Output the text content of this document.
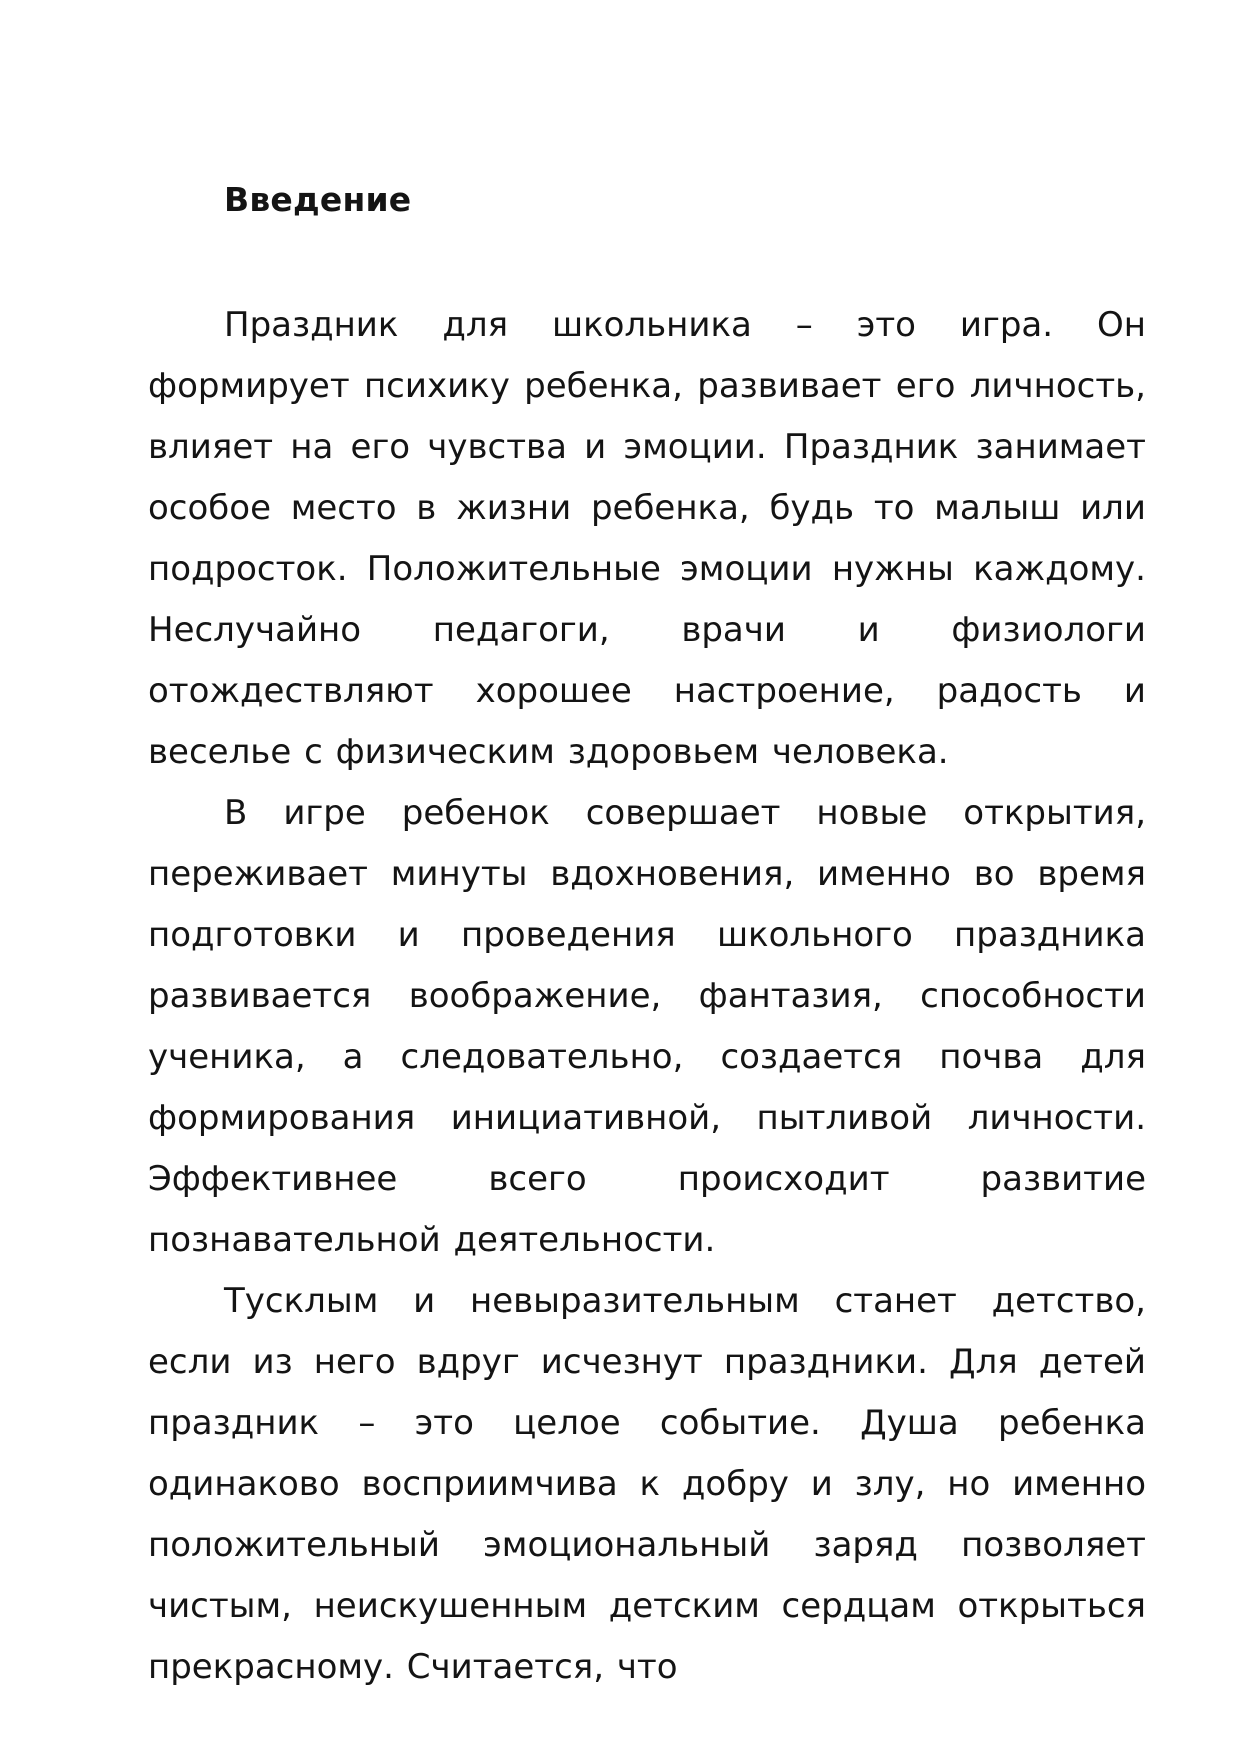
Введение

Праздник для школьника – это игра. Он формирует психику ребенка, развивает его личность, влияет на его чувства и эмоции. Праздник занимает особое место в жизни ребенка, будь то малыш или подросток. Положительные эмоции нужны каждому. Неслучайно педагоги, врачи и физиологи отождествляют хорошее настроение, радость и веселье с физическим здоровьем человека.

В игре ребенок совершает новые открытия, переживает минуты вдохновения, именно во время подготовки и проведения школьного праздника развивается воображение, фантазия, способности ученика, а следовательно, создается почва для формирования инициативной, пытливой личности. Эффективнее всего происходит развитие познавательной деятельности.

Тусклым и невыразительным станет детство, если из него вдруг исчезнут праздники. Для детей праздник – это целое событие. Душа ребенка одинаково восприимчива к добру и злу, но именно положительный эмоциональный заряд позволяет чистым, неискушенным детским сердцам открыться прекрасному. Считается, что
